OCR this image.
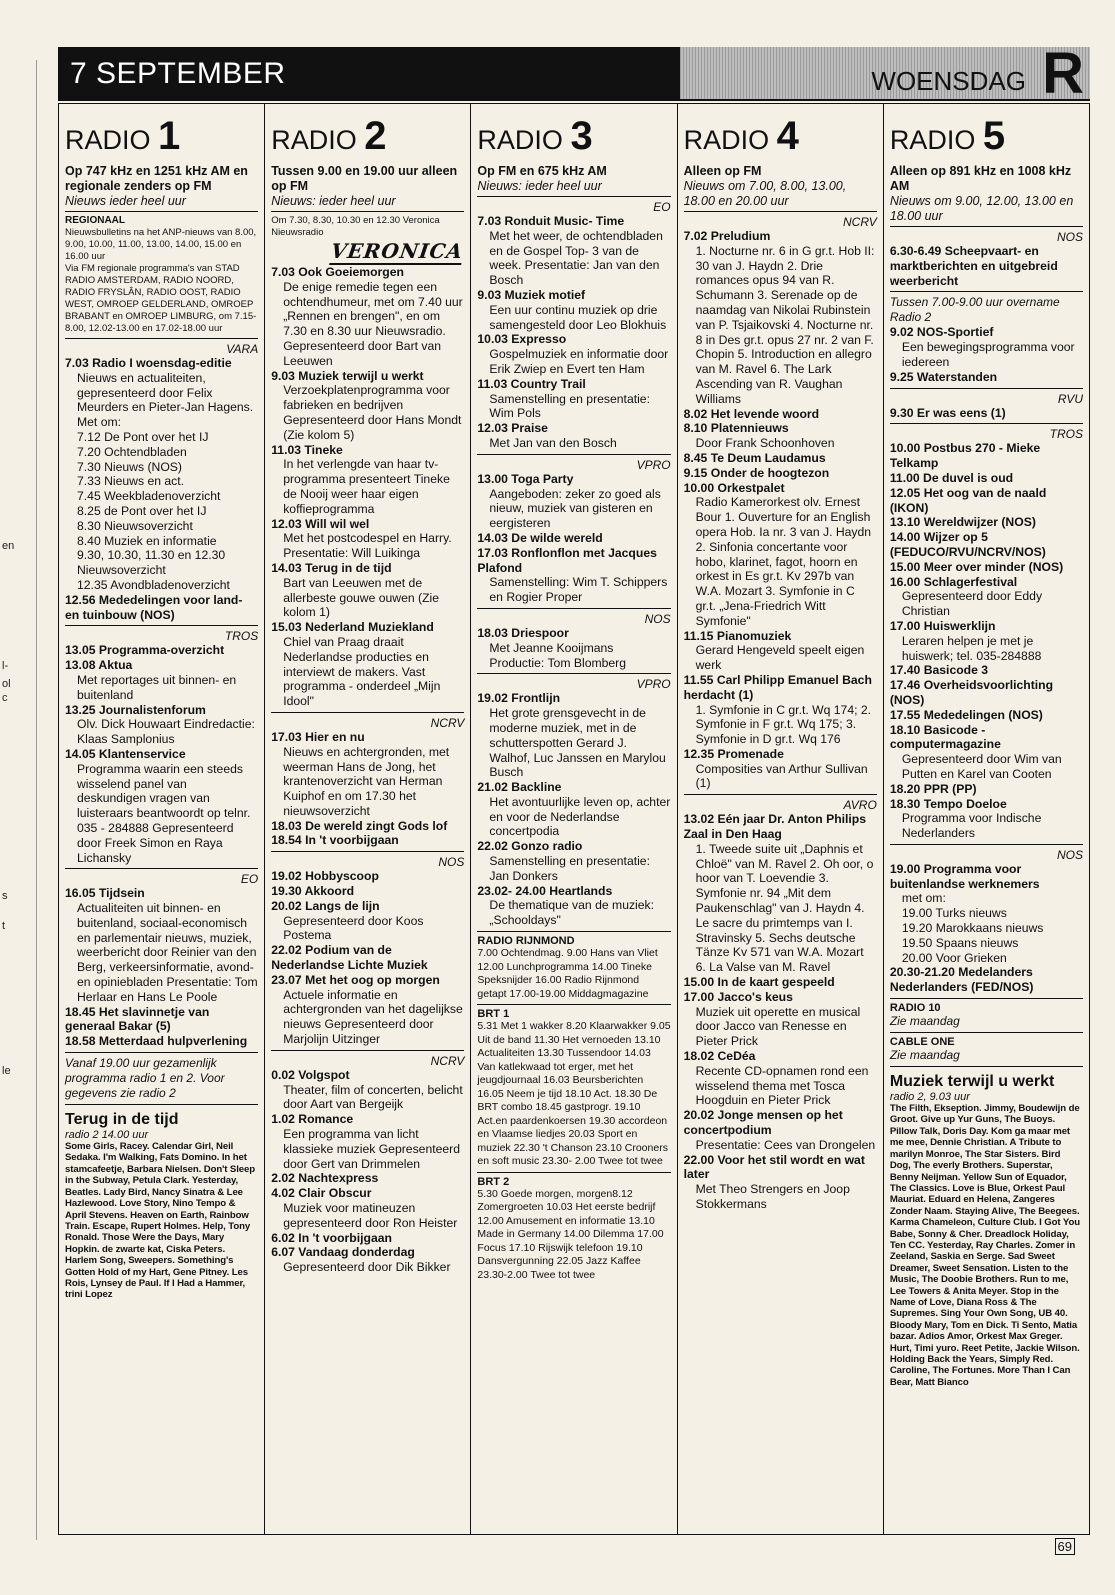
en
l-
ol
c
s
t
le
7 SEPTEMBER	WOENSDAG R
RADIO 1
Op 747 kHz en 1251 kHz AM en regionale zenders op FM
Nieuws ieder heel uur
REGIONAAL
Nieuwsbulletins na het ANP-nieuws van 8.00, 9.00, 10.00, 11.00, 13.00, 14.00, 15.00 en 16.00 uur
Via FM regionale programma's van STAD RADIO AMSTERDAM, RADIO NOORD, RADIO FRYSLÂN, RADIO OOST, RADIO WEST, OMROEP GELDERLAND, OMROEP BRABANT en OMROEP LIMBURG, om 7.15-8.00, 12.02-13.00 en 17.02-18.00 uur
VARA
7.03 Radio I woensdag-editie
Nieuws en actualiteiten, gepresenteerd door Felix Meurders en Pieter-Jan Hagens. Met om:
7.12 De Pont over het IJ
7.20 Ochtendbladen
7.30 Nieuws (NOS)
7.33 Nieuws en act.
7.45 Weekbladenoverzicht
8.25 de Pont over het IJ
8.30 Nieuwsoverzicht
8.40 Muziek en informatie
9.30, 10.30, 11.30 en 12.30 Nieuwsoverzicht
12.35 Avondbladenoverzicht
12.56 Mededelingen voor land- en tuinbouw (NOS)
TROS
13.05 Programma-overzicht
13.08 Aktua
Met reportages uit binnen- en buitenland
13.25 Journalistenforum
Olv. Dick Houwaart Eindredactie: Klaas Samplonius
14.05 Klantenservice
Programma waarin een steeds wisselend panel van deskundigen vragen van luisteraars beantwoordt op telnr. 035 - 284888 Gepresenteerd door Freek Simon en Raya Lichansky
EO
16.05 Tijdsein
Actualiteiten uit binnen- en buitenland, sociaal-economisch en parlementair nieuws, muziek, weerbericht door Reinier van den Berg, verkeersinformatie, avond- en opiniebladen Presentatie: Tom Herlaar en Hans Le Poole
18.45 Het slavinnetje van generaal Bakar (5)
18.58 Metterdaad hulpverlening
Vanaf 19.00 uur gezamenlijk programma radio 1 en 2. Voor gegevens zie radio 2
Terug in de tijd
radio 2 14.00 uur
Some Girls, Racey. Calendar Girl, Neil Sedaka. I'm Walking, Fats Domino. In het stamcafeetje, Barbara Nielsen. Don't Sleep in the Subway, Petula Clark. Yesterday, Beatles. Lady Bird, Nancy Sinatra & Lee Hazlewood. Love Story, Nino Tempo & April Stevens. Heaven on Earth, Rainbow Train. Escape, Rupert Holmes. Help, Tony Ronald. Those Were the Days, Mary Hopkin. de zwarte kat, Ciska Peters. Harlem Song, Sweepers. Something's Gotten Hold of my Hart, Gene Pitney. Les Rois, Lynsey de Paul. If I Had a Hammer, trini Lopez
RADIO 2
Tussen 9.00 en 19.00 uur alleen op FM
Nieuws: ieder heel uur
Om 7.30, 8.30, 10.30 en 12.30 Veronica Nieuwsradio
VERONICA
7.03 Ook Goeiemorgen
De enige remedie tegen een ochtendhumeur, met om 7.40 uur „Rennen en brengen", en om 7.30 en 8.30 uur Nieuwsradio. Gepresenteerd door Bart van Leeuwen
9.03 Muziek terwijl u werkt
Verzoekplatenprogramma voor fabrieken en bedrijven Gepresenteerd door Hans Mondt (Zie kolom 5)
11.03 Tineke
In het verlengde van haar tv-programma presenteert Tineke de Nooij weer haar eigen koffieprogramma
12.03 Will wil wel
Met het postcodespel en Harry. Presentatie: Will Luikinga
14.03 Terug in de tijd
Bart van Leeuwen met de allerbeste gouwe ouwen (Zie kolom 1)
15.03 Nederland Muziekland
Chiel van Praag draait Nederlandse producties en interviewt de makers. Vast programma - onderdeel „Mijn Idool"
NCRV
17.03 Hier en nu
Nieuws en achtergronden, met weerman Hans de Jong, het krantenoverzicht van Herman Kuiphof en om 17.30 het nieuwsoverzicht
18.03 De wereld zingt Gods lof
18.54 In 't voorbijgaan
NOS
19.02 Hobbyscoop
19.30 Akkoord
20.02 Langs de lijn
Gepresenteerd door Koos Postema
22.02 Podium van de Nederlandse Lichte Muziek
23.07 Met het oog op morgen
Actuele informatie en achtergronden van het dagelijkse nieuws Gepresenteerd door Marjolijn Uitzinger
NCRV
0.02 Volgspot
Theater, film of concerten, belicht door Aart van Bergeijk
1.02 Romance
Een programma van licht klassieke muziek Gepresenteerd door Gert van Drimmelen
2.02 Nachtexpress
4.02 Clair Obscur
Muziek voor matineuzen gepresenteerd door Ron Heister
6.02 In 't voorbijgaan
6.07 Vandaag donderdag
Gepresenteerd door Dik Bikker
RADIO 3
Op FM en 675 kHz AM
Nieuws: ieder heel uur
EO
7.03 Ronduit Music- Time
Met het weer, de ochtendbladen en de Gospel Top- 3 van de week. Presentatie: Jan van den Bosch
9.03 Muziek motief
Een uur continu muziek op drie samengesteld door Leo Blokhuis
10.03 Expresso
Gospelmuziek en informatie door Erik Zwiep en Evert ten Ham
11.03 Country Trail
Samenstelling en presentatie: Wim Pols
12.03 Praise
Met Jan van den Bosch
VPRO
13.00 Toga Party
Aangeboden: zeker zo goed als nieuw, muziek van gisteren en eergisteren
14.03 De wilde wereld
17.03 Ronflonflon met Jacques Plafond
Samenstelling: Wim T. Schippers en Rogier Proper
NOS
18.03 Driespoor
Met Jeanne Kooijmans Productie: Tom Blomberg
VPRO
19.02 Frontlijn
Het grote grensgevecht in de moderne muziek, met in de schutterspotten Gerard J. Walhof, Luc Janssen en Marylou Busch
21.02 Backline
Het avontuurlijke leven op, achter en voor de Nederlandse concertpodia
22.02 Gonzo radio
Samenstelling en presentatie: Jan Donkers
23.02- 24.00 Heartlands
De thematique van de muziek: „Schooldays"
RADIO RIJNMOND
7.00 Ochtendmag. 9.00 Hans van Vliet 12.00 Lunchprogramma 14.00 Tineke Speksnijder 16.00 Radio Rijnmond getapt 17.00-19.00 Middagmagazine
BRT 1
5.31 Met 1 wakker 8.20 Klaarwakker 9.05 Uit de band 11.30 Het vernoeden 13.10 Actualiteiten 13.30 Tussendoor 14.03 Van katlekwaad tot erger, met het jeugdjournaal 16.03 Beursberichten 16.05 Neem je tijd 18.10 Act. 18.30 De BRT combo 18.45 gastprogr. 19.10 Act.en paardenkoersen 19.30 accordeon en Vlaamse liedjes 20.03 Sport en muziek 22.30 't Chanson 23.10 Crooners en soft music 23.30- 2.00 Twee tot twee
BRT 2
5.30 Goede morgen, morgen8.12 Zomergroeten 10.03 Het eerste bedrijf 12.00 Amusement en informatie 13.10 Made in Germany 14.00 Dilemma 17.00 Focus 17.10 Rijswijk telefoon 19.10 Dansvergunning 22.05 Jazz Kaffee 23.30-2.00 Twee tot twee
RADIO 4
Alleen op FM
Nieuws om 7.00, 8.00, 13.00, 18.00 en 20.00 uur
NCRV
7.02 Preludium
1. Nocturne nr. 6 in G gr.t. Hob II: 30 van J. Haydn 2. Drie romances opus 94 van R. Schumann 3. Serenade op de naamdag van Nikolai Rubinstein van P. Tsjaikovski 4. Nocturne nr. 8 in Des gr.t. opus 27 nr. 2 van F. Chopin 5. Introduction en allegro van M. Ravel 6. The Lark Ascending van R. Vaughan Williams
8.02 Het levende woord
8.10 Platennieuws
Door Frank Schoonhoven
8.45 Te Deum Laudamus
9.15 Onder de hoogtezon
10.00 Orkestpalet
Radio Kamerorkest olv. Ernest Bour 1. Ouverture for an English opera Hob. Ia nr. 3 van J. Haydn 2. Sinfonia concertante voor hobo, klarinet, fagot, hoorn en orkest in Es gr.t. Kv 297b van W.A. Mozart 3. Symfonie in C gr.t. „Jena-Friedrich Witt Symfonie"
11.15 Pianomuziek
Gerard Hengeveld speelt eigen werk
11.55 Carl Philipp Emanuel Bach herdacht (1)
1. Symfonie in C gr.t. Wq 174; 2. Symfonie in F gr.t. Wq 175; 3. Symfonie in D gr.t. Wq 176
12.35 Promenade
Composities van Arthur Sullivan (1)
AVRO
13.02 Eén jaar Dr. Anton Philips Zaal in Den Haag
1. Tweede suite uit „Daphnis et Chloë" van M. Ravel 2. Oh oor, o hoor van T. Loevendie 3. Symfonie nr. 94 „Mit dem Paukenschlag" van J. Haydn 4. Le sacre du primtemps van I. Stravinsky 5. Sechs deutsche Tänze Kv 571 van W.A. Mozart 6. La Valse van M. Ravel
15.00 In de kaart gespeeld
17.00 Jacco's keus
Muziek uit operette en musical door Jacco van Renesse en Pieter Prick
18.02 CeDéa
Recente CD-opnamen rond een wisselend thema met Tosca Hoogduin en Pieter Prick
20.02 Jonge mensen op het concertpodium
Presentatie: Cees van Drongelen
22.00 Voor het stil wordt en wat later
Met Theo Strengers en Joop Stokkermans
RADIO 5
Alleen op 891 kHz en 1008 kHz AM
Nieuws om 9.00, 12.00, 13.00 en 18.00 uur
NOS
6.30-6.49 Scheepvaart- en marktberichten en uitgebreid weerbericht
Tussen 7.00-9.00 uur overname Radio 2
9.02 NOS-Sportief
Een bewegingsprogramma voor iedereen
9.25 Waterstanden
RVU
9.30 Er was eens (1)
TROS
10.00 Postbus 270 - Mieke Telkamp
11.00 De duvel is oud
12.05 Het oog van de naald (IKON)
13.10 Wereldwijzer (NOS)
14.00 Wijzer op 5 (FEDUCO/RVU/NCRV/NOS)
15.00 Meer over minder (NOS)
16.00 Schlagerfestival
Gepresenteerd door Eddy Christian
17.00 Huiswerklijn
Leraren helpen je met je huiswerk; tel. 035-284888
17.40 Basicode 3
17.46 Overheidsvoorlichting (NOS)
17.55 Mededelingen (NOS)
18.10 Basicode - computermagazine
Gepresenteerd door Wim van Putten en Karel van Cooten
18.20 PPR (PP)
18.30 Tempo Doeloe
Programma voor Indische Nederlanders
NOS
19.00 Programma voor buitenlandse werknemers
met om:
19.00 Turks nieuws
19.20 Marokkaans nieuws
19.50 Spaans nieuws
20.00 Voor Grieken
20.30-21.20 Medelanders Nederlanders (FED/NOS)
RADIO 10
Zie maandag
CABLE ONE
Zie maandag
Muziek terwijl u werkt
radio 2, 9.03 uur
The Filth, Ekseption. Jimmy, Boudewijn de Groot. Give up Yur Guns, The Buoys. Pillow Talk, Doris Day. Kom ga maar met me mee, Dennie Christian. A Tribute to marilyn Monroe, The Star Sisters. Bird Dog, The everly Brothers. Superstar, Benny Neijman. Yellow Sun of Equador, The Classics. Love is Blue, Orkest Paul Mauriat. Eduard en Helena, Zangeres Zonder Naam. Staying Alive, The Beegees. Karma Chameleon, Culture Club. I Got You Babe, Sonny & Cher. Dreadlock Holiday, Ten CC. Yesterday, Ray Charles. Zomer in Zeeland, Saskia en Serge. Sad Sweet Dreamer, Sweet Sensation. Listen to the Music, The Doobie Brothers. Run to me, Lee Towers & Anita Meyer. Stop in the Name of Love, Diana Ross & The Supremes. Sing Your Own Song, UB 40. Bloody Mary, Tom en Dick. Ti Sento, Matia bazar. Adios Amor, Orkest Max Greger. Hurt, Timi yuro. Reet Petite, Jackie Wilson. Holding Back the Years, Simply Red. Caroline, The Fortunes. More Than I Can Bear, Matt Bianco
69
